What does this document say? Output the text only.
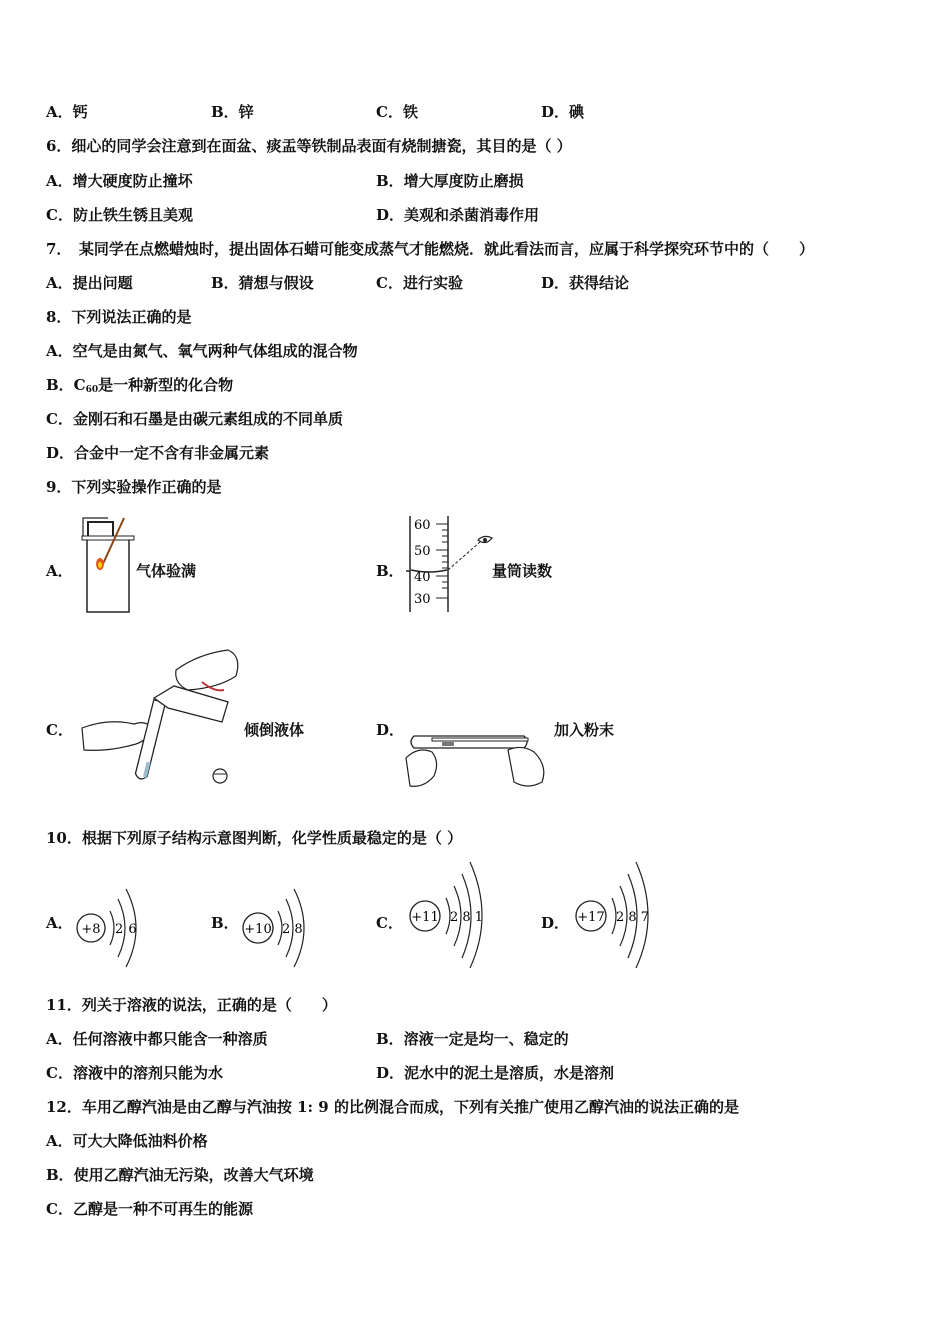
A．钙	B．锌	C．铁	D．碘
6．细心的同学会注意到在面盆、痰盂等铁制品表面有烧制搪瓷，其目的是（ ）
A．增大硬度防止撞坏	B．增大厚度防止磨损
C．防止铁生锈且美观	D．美观和杀菌消毒作用
7．　某同学在点燃蜡烛时，提出固体石蜡可能变成蒸气才能燃烧．就此看法而言，应属于科学探究环节中的（　　）
A．提出问题	B．猜想与假设	C．进行实验	D．获得结论
8．下列说法正确的是
A．空气是由氮气、氧气两种气体组成的混合物
B．$C_{60}$是一种新型的化合物
C．金刚石和石墨是由碳元素组成的不同单质
D．合金中一定不含有非金属元素
9．下列实验操作正确的是
A．	气体验满	B．
60
50
40
30
量筒读数
C．	倾倒液体	D．	加入粉末
10．根据下列原子结构示意图判断，化学性质最稳定的是（ ）
A． +8 2 6	B． +10 2 8	C． +11 2 8 1	D． +17 2 8 7
11．列关于溶液的说法，正确的是（　　）
A．任何溶液中都只能含一种溶质	B．溶液一定是均一、稳定的
C．溶液中的溶剂只能为水	D．泥水中的泥土是溶质，水是溶剂
12．车用乙醇汽油是由乙醇与汽油按 1: 9 的比例混合而成，下列有关推广使用乙醇汽油的说法正确的是
A．可大大降低油料价格
B．使用乙醇汽油无污染，改善大气环境
C．乙醇是一种不可再生的能源
